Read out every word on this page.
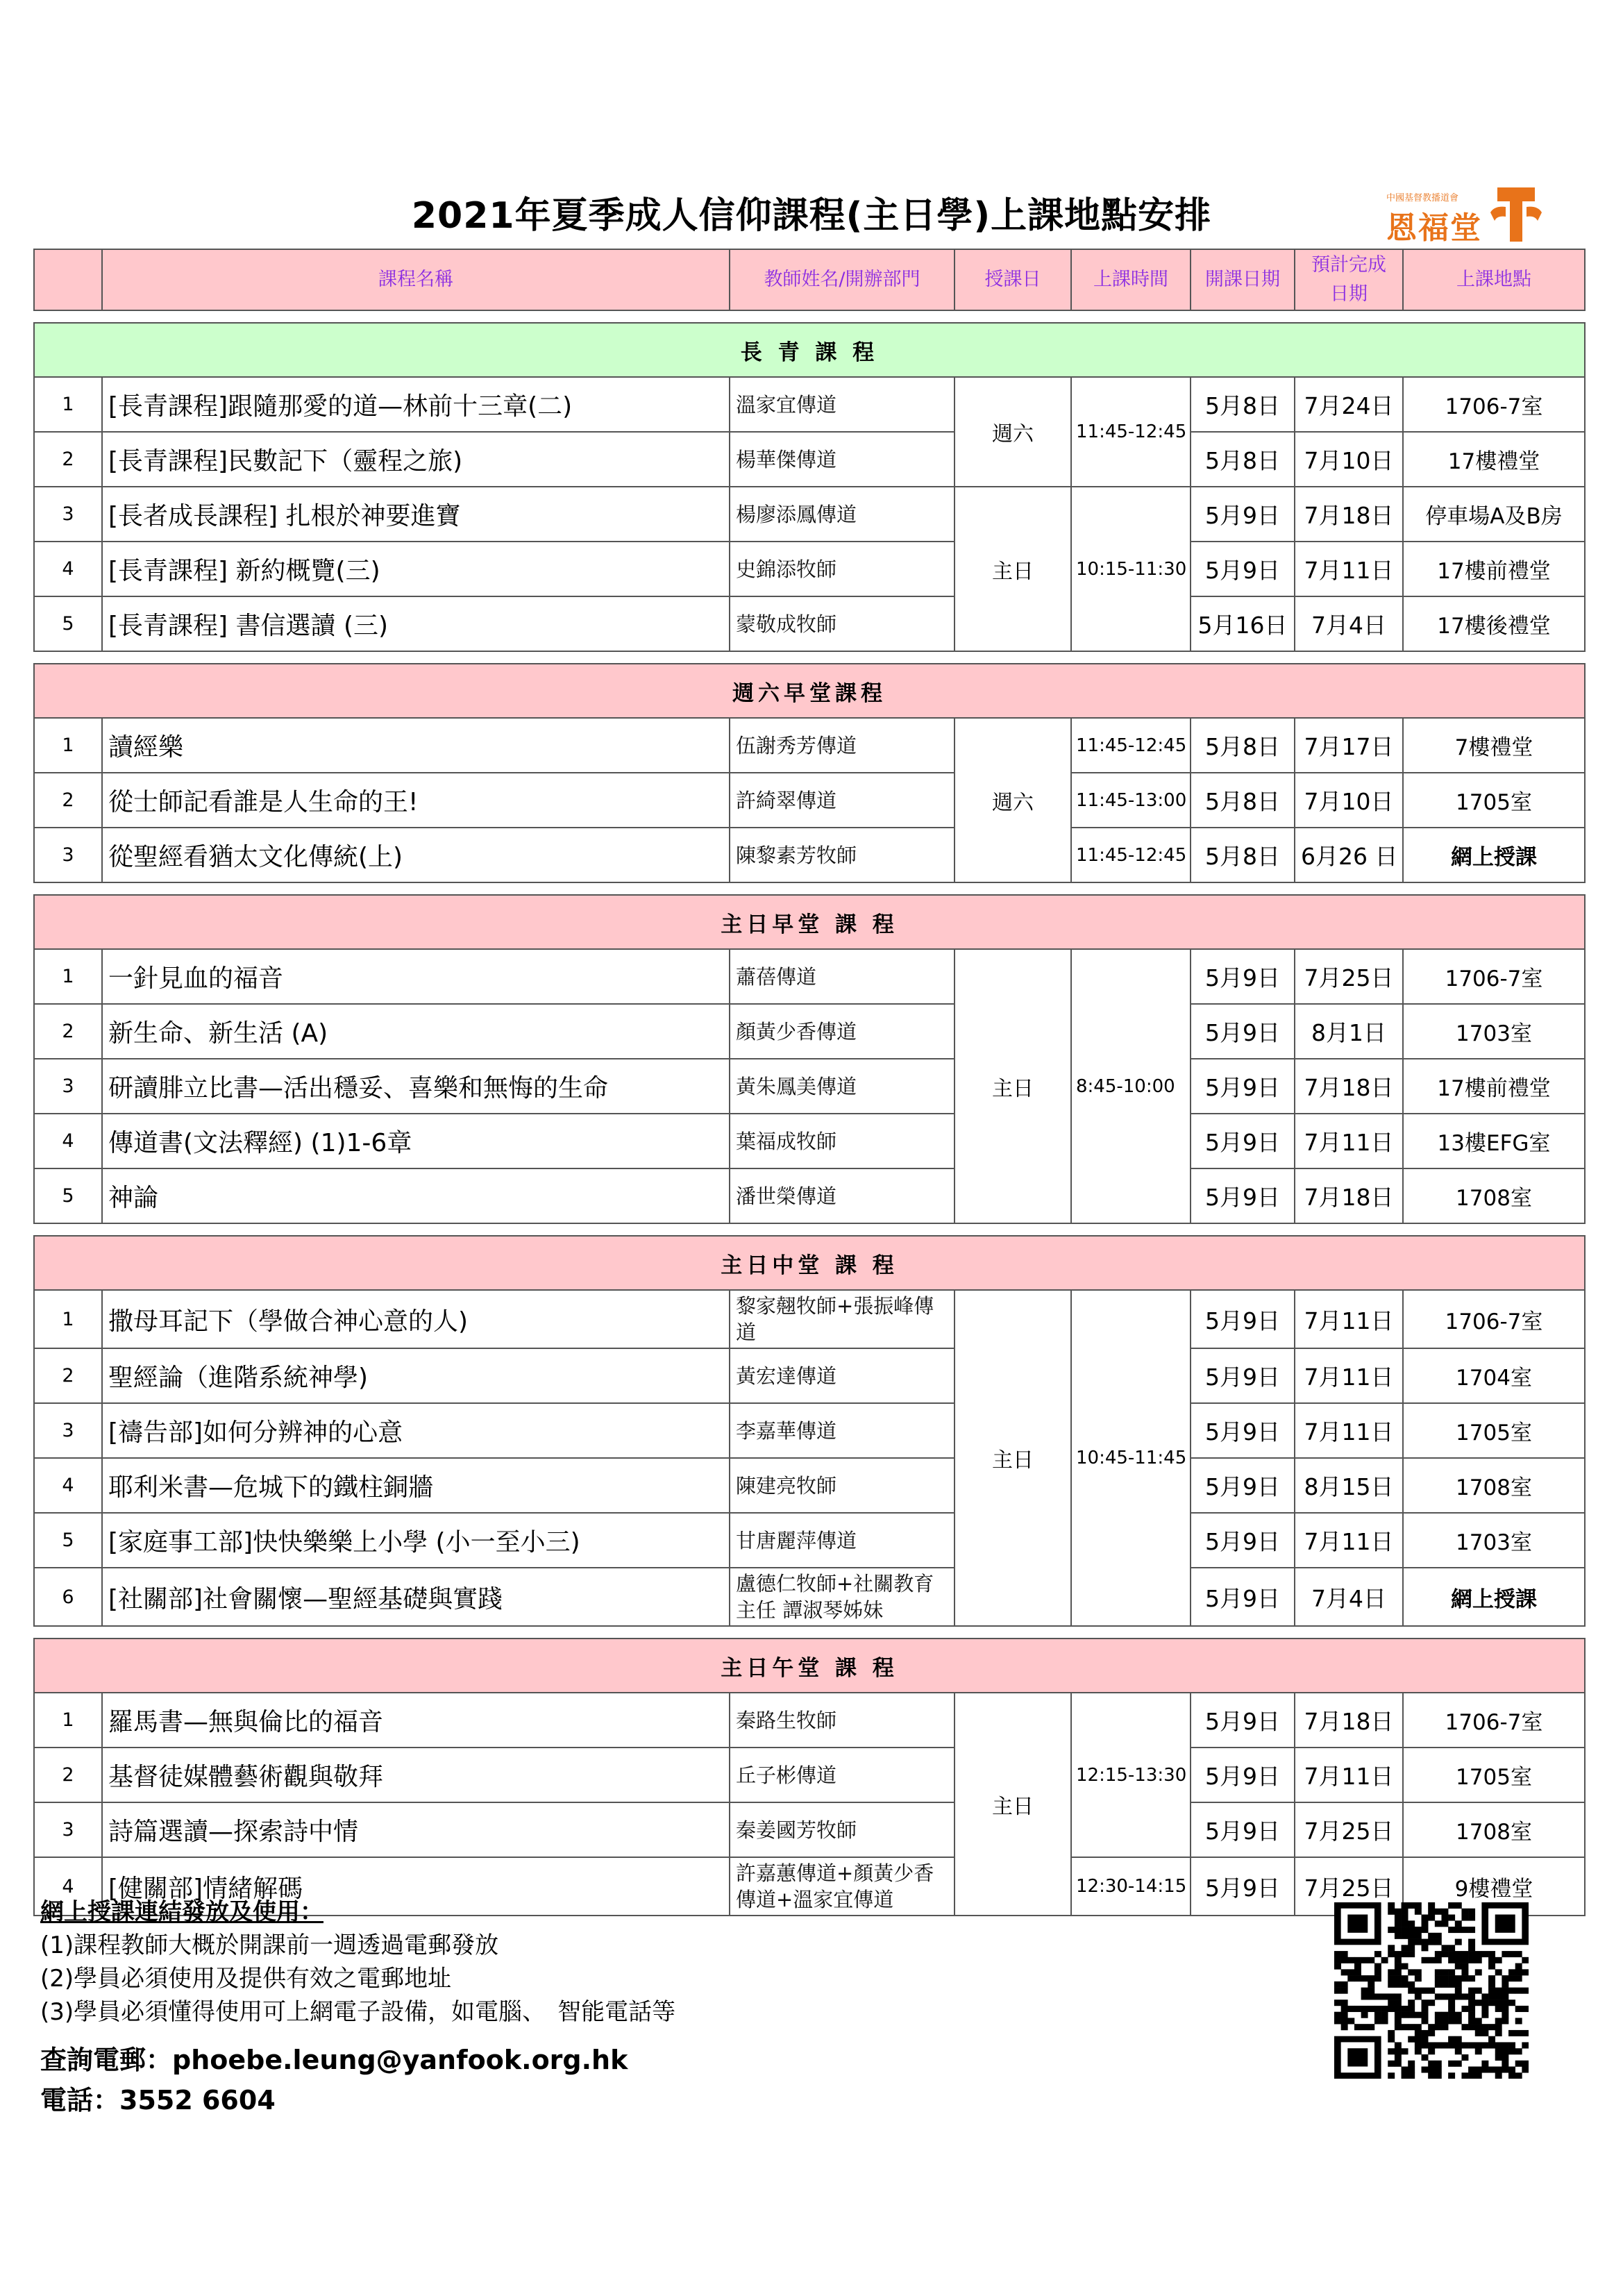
2021年夏季成人信仰課程(主日學)上課地點安排	中國基督教播道會
恩福堂
	課程名稱	教師姓名/開辦部門	授課日	上課時間	開課日期	預計完成
日期	上課地點

長 青 課 程							
1	[長青課程]跟隨那愛的道—林前十三章(二)	溫家宜傳道	週六	11:45-12:45	5月8日	7月24日	1706-7室
2	[長青課程]民數記下（靈程之旅)	楊華傑傳道			5月8日	7月10日	17樓禮堂
3	[長者成長課程] 扎根於神要進寶	楊廖添鳳傳道	主日	10:15-11:30	5月9日	7月18日	停車場A及B房
4	[長青課程] 新約概覽(三)	史錦添牧師			5月9日	7月11日	17樓前禮堂
5	[長青課程] 書信選讀 (三)	蒙敬成牧師			5月16日	7月4日	17樓後禮堂

週六早堂課程							
1	讀經樂	伍謝秀芳傳道	週六	11:45-12:45	5月8日	7月17日	7樓禮堂
2	從士師記看誰是人生命的王!	許綺翠傳道		11:45-13:00	5月8日	7月10日	1705室
3	從聖經看猶太文化傳統(上)	陳黎素芳牧師		11:45-12:45	5月8日	6月26 日	網上授課

主日早堂 課 程							
1	一針見血的福音	蕭蓓傳道	主日	8:45-10:00	5月9日	7月25日	1706-7室
2	新生命、新生活 (A)	顏黃少香傳道			5月9日	8月1日	1703室
3	研讀腓立比書—活出穩妥、喜樂和無悔的生命	黃朱鳳美傳道			5月9日	7月18日	17樓前禮堂
4	傳道書(文法釋經) (1)1-6章	葉福成牧師			5月9日	7月11日	13樓EFG室
5	神論	潘世榮傳道			5月9日	7月18日	1708室

主日中堂 課 程							
1	撒母耳記下（學做合神心意的人)	黎家翹牧師+張振峰傳道	主日	10:45-11:45	5月9日	7月11日	1706-7室
2	聖經論（進階系統神學)	黃宏達傳道			5月9日	7月11日	1704室
3	[禱告部]如何分辨神的心意	李嘉華傳道			5月9日	7月11日	1705室
4	耶利米書—危城下的鐵柱銅牆	陳建亮牧師			5月9日	8月15日	1708室
5	[家庭事工部]快快樂樂上小學 (小一至小三)	甘唐麗萍傳道			5月9日	7月11日	1703室
6	[社關部]社會關懷—聖經基礎與實踐	盧德仁牧師+社關教育主任 譚淑琴姊妹			5月9日	7月4日	網上授課

主日午堂 課 程							
1	羅馬書—無與倫比的福音	秦路生牧師	主日	12:15-13:30	5月9日	7月18日	1706-7室
2	基督徒媒體藝術觀與敬拜	丘子彬傳道			5月9日	7月11日	1705室
3	詩篇選讀—探索詩中情	秦姜國芳牧師			5月9日	7月25日	1708室
4	[健關部]情緒解碼	許嘉蕙傳道+顏黃少香傳道+溫家宜傳道		12:30-14:15	5月9日	7月25日	9樓禮堂
網上授課連結發放及使用：
(1)課程教師大概於開課前一週透過電郵發放
(2)學員必須使用及提供有效之電郵地址
(3)學員必須懂得使用可上網電子設備，如電腦、　智能電話等
查詢電郵：phoebe.leung@yanfook.org.hk
電話：3552 6604
